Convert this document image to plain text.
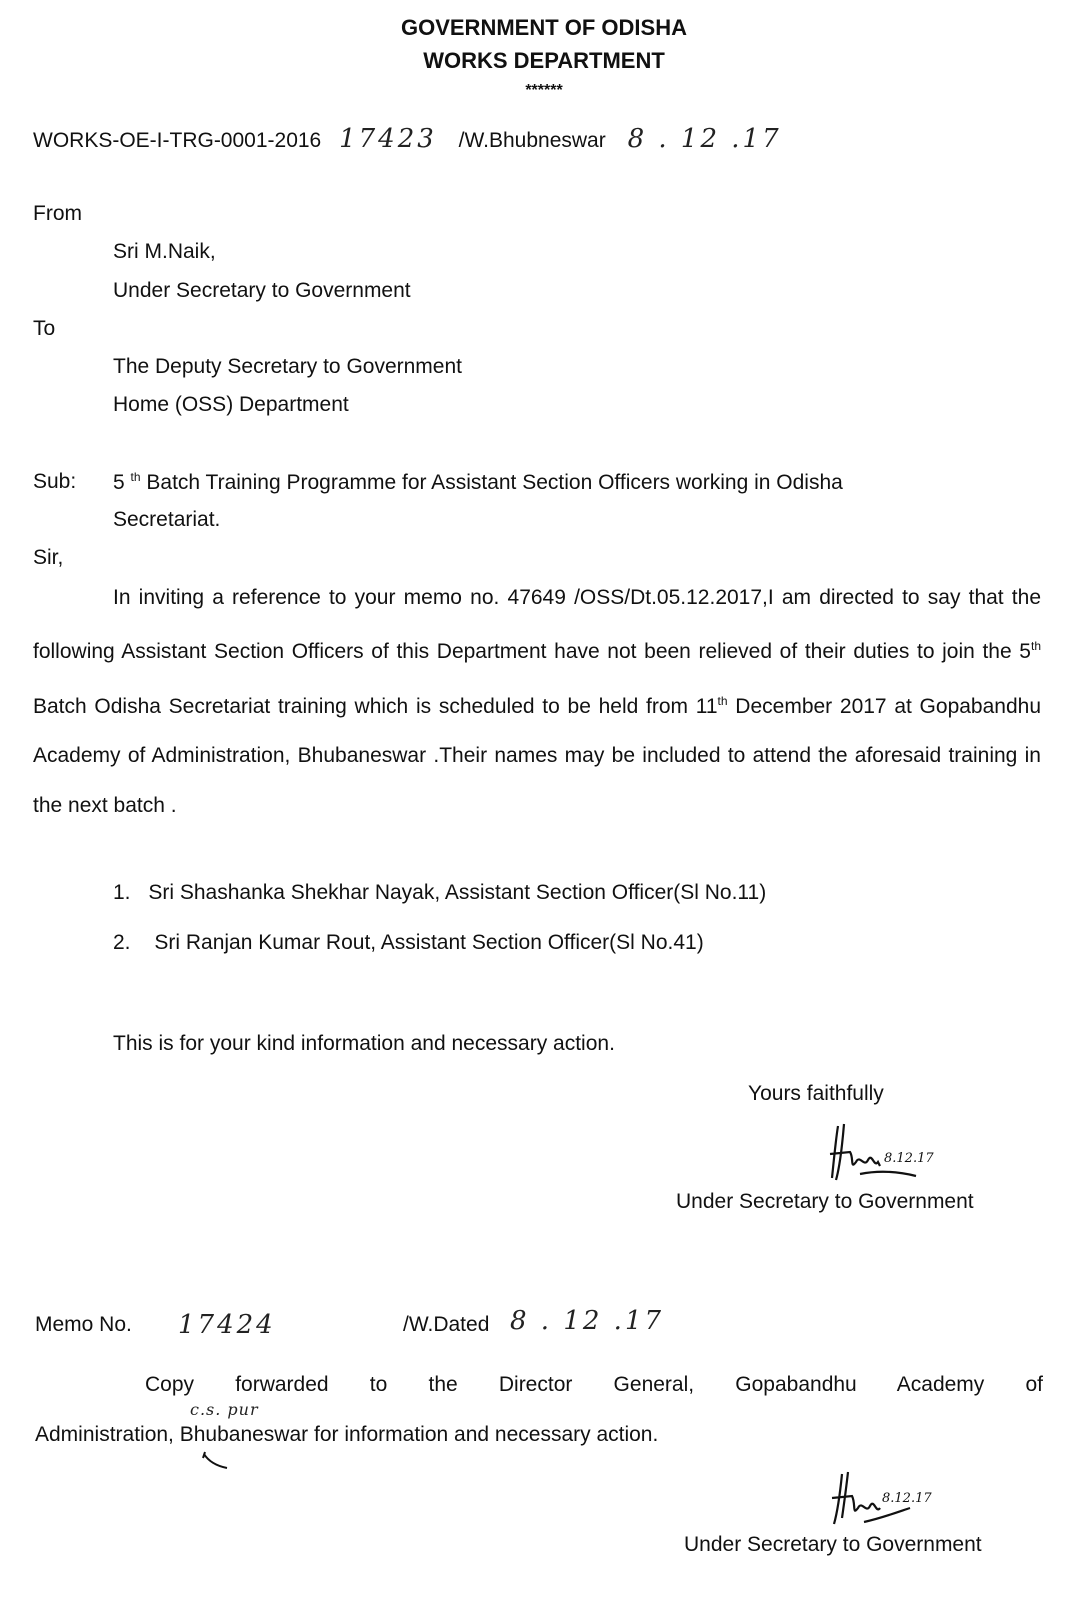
GOVERNMENT OF ODISHA
WORKS DEPARTMENT
******
WORKS-OE-I-TRG-0001-2016 17423 /W.Bhubneswar 8 . 12 .17
From
Sri M.Naik,
Under Secretary to Government
To
The Deputy Secretary to Government
Home (OSS) Department
Sub: 5 $^{th}$ Batch Training Programme for Assistant Section Officers working in Odisha
Secretariat.
Sir,
In inviting a reference to your memo no. 47649 /OSS/Dt.05.12.2017,I am directed to say that the following Assistant Section Officers of this Department have not been relieved of their duties to join the 5th Batch Odisha Secretariat training which is scheduled to be held from 11th December 2017 at Gopabandhu Academy of Administration, Bhubaneswar .Their names may be included to attend the aforesaid training in the next batch .
1. Sri Shashanka Shekhar Nayak, Assistant Section Officer(Sl No.11)
2. Sri Ranjan Kumar Rout, Assistant Section Officer(Sl No.41)
This is for your kind information and necessary action.
Yours faithfully
8.12.17
Under Secretary to Government
Memo No. 17424	/W.Dated 8 . 12 .17
Copy forwarded to the Director General, Gopabandhu Academy of
c.s. pur
Administration, Bhubaneswar for information and necessary action.
8.12.17
Under Secretary to Government
